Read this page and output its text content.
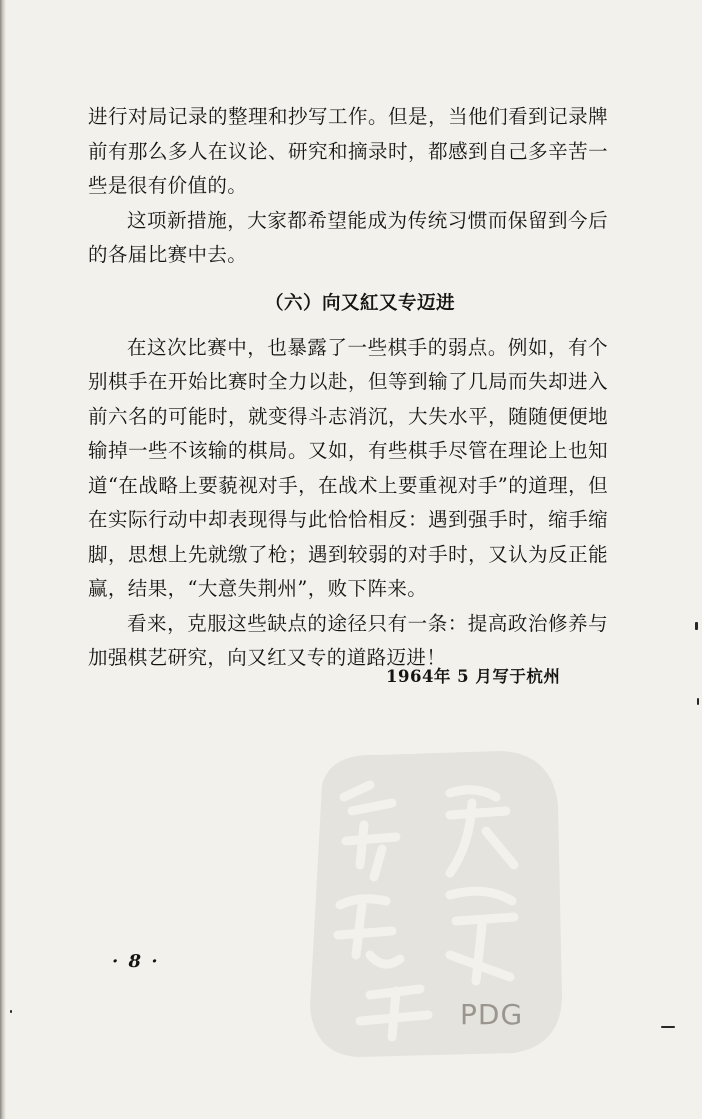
进行对局记录的整理和抄写工作。但是，当他们看到记录牌前有那么多人在议论、研究和摘录时，都感到自己多辛苦一些是很有价值的。

这项新措施，大家都希望能成为传统习惯而保留到今后的各届比赛中去。

（六）向又紅又专迈进

在这次比赛中，也暴露了一些棋手的弱点。例如，有个别棋手在开始比赛时全力以赴，但等到输了几局而失却进入前六名的可能时，就变得斗志消沉，大失水平，随随便便地输掉一些不该输的棋局。又如，有些棋手尽管在理论上也知道“在战略上要藐视对手，在战术上要重视对手”的道理，但在实际行动中却表现得与此恰恰相反：遇到强手时，缩手缩脚，思想上先就缴了枪；遇到较弱的对手时，又认为反正能赢，结果，“大意失荆州”，败下阵来。

看来，克服这些缺点的途径只有一条：提高政治修养与加强棋艺研究，向又红又专的道路迈进！

1964年 5 月写于杭州
· 8 ·
PDG
